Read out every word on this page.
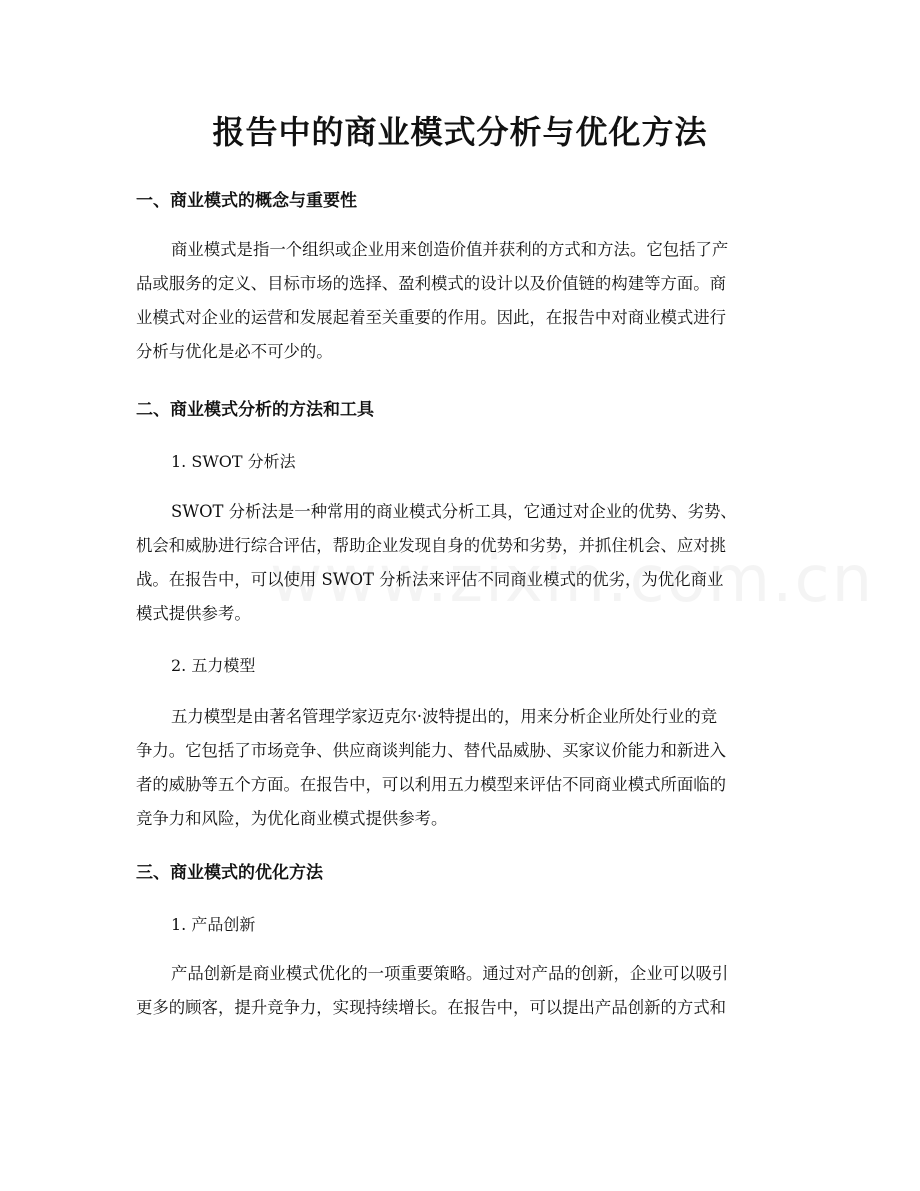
报告中的商业模式分析与优化方法
一、商业模式的概念与重要性
商业模式是指一个组织或企业用来创造价值并获利的方式和方法。它包括了产
品或服务的定义、目标市场的选择、盈利模式的设计以及价值链的构建等方面。商
业模式对企业的运营和发展起着至关重要的作用。因此，在报告中对商业模式进行
分析与优化是必不可少的。
二、商业模式分析的方法和工具

1. SWOT 分析法

SWOT 分析法是一种常用的商业模式分析工具，它通过对企业的优势、劣势、
机会和威胁进行综合评估，帮助企业发现自身的优势和劣势，并抓住机会、应对挑
战。在报告中，可以使用 SWOT 分析法来评估不同商业模式的优劣，为优化商业
模式提供参考。

2. 五力模型

五力模型是由著名管理学家迈克尔·波特提出的，用来分析企业所处行业的竞
争力。它包括了市场竞争、供应商谈判能力、替代品威胁、买家议价能力和新进入
者的威胁等五个方面。在报告中，可以利用五力模型来评估不同商业模式所面临的
竞争力和风险，为优化商业模式提供参考。
三、商业模式的优化方法

1. 产品创新

产品创新是商业模式优化的一项重要策略。通过对产品的创新，企业可以吸引
更多的顾客，提升竞争力，实现持续增长。在报告中，可以提出产品创新的方式和
